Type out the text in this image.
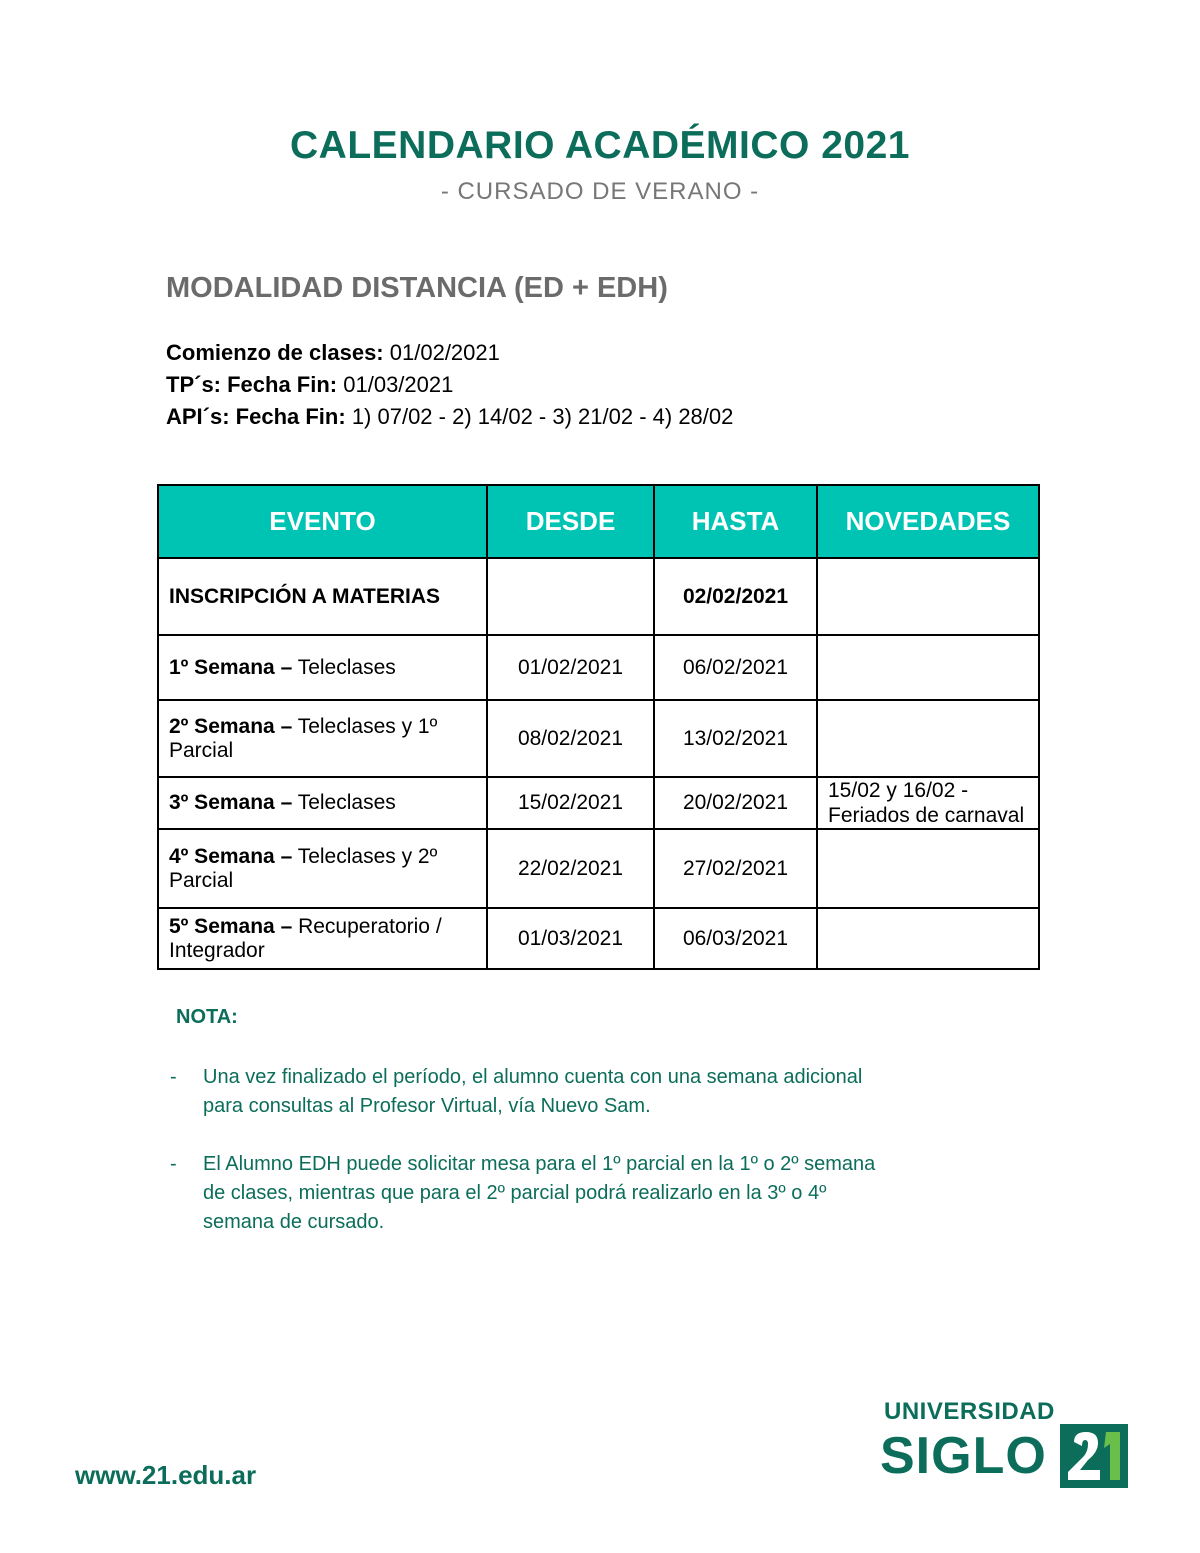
CALENDARIO ACADÉMICO 2021
- CURSADO DE VERANO -
MODALIDAD DISTANCIA (ED + EDH)
Comienzo de clases: 01/02/2021
TP´s: Fecha Fin: 01/03/2021
API´s: Fecha Fin: 1) 07/02 - 2) 14/02 - 3) 21/02 - 4) 28/02
EVENTO	DESDE	HASTA	NOVEDADES
INSCRIPCIÓN A MATERIAS		02/02/2021	
1º Semana – Teleclases	01/02/2021	06/02/2021	
2º Semana – Teleclases y 1º Parcial	08/02/2021	13/02/2021	
3º Semana – Teleclases	15/02/2021	20/02/2021	15/02 y 16/02 - Feriados de carnaval
4º Semana – Teleclases y 2º Parcial	22/02/2021	27/02/2021	
5º Semana – Recuperatorio / Integrador	01/03/2021	06/03/2021	
NOTA:
- Una vez finalizado el período, el alumno cuenta con una semana adicional para consultas al Profesor Virtual, vía Nuevo Sam.
- El Alumno EDH puede solicitar mesa para el 1º parcial en la 1º o 2º semana de clases, mientras que para el 2º parcial podrá realizarlo en la 3º o 4º semana de cursado.
www.21.edu.ar
UNIVERSIDAD
SIGLO
